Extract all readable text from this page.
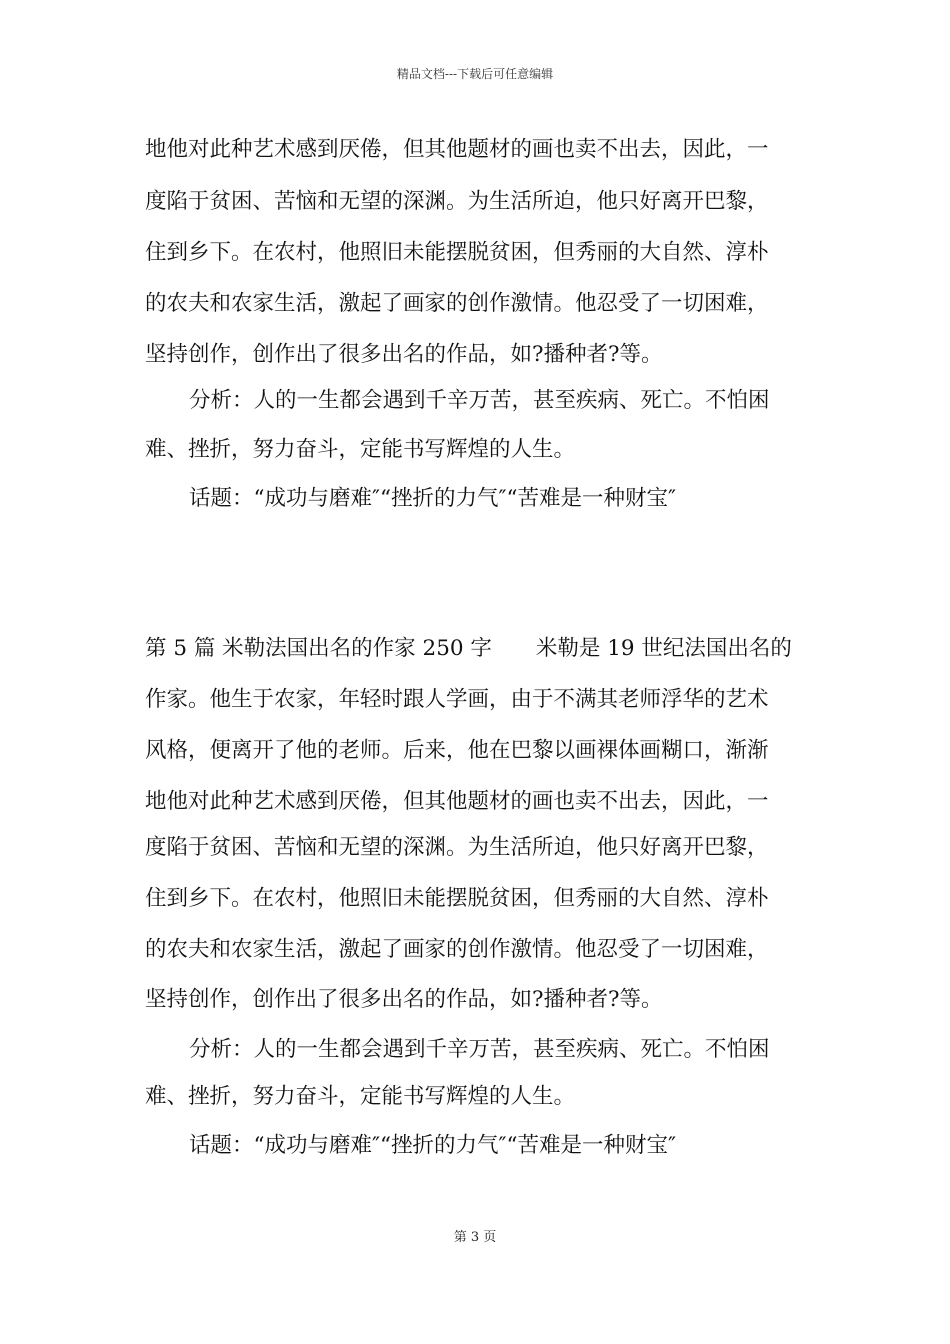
精品文档---下载后可任意编辑
地他对此种艺术感到厌倦，但其他题材的画也卖不出去，因此，一
度陷于贫困、苦恼和无望的深渊。为生活所迫，他只好离开巴黎，
住到乡下。在农村，他照旧未能摆脱贫困，但秀丽的大自然、淳朴
的农夫和农家生活，激起了画家的创作激情。他忍受了一切困难，
坚持创作，创作出了很多出名的作品，如?播种者?等。
分析：人的一生都会遇到千辛万苦，甚至疾病、死亡。不怕困
难、挫折，努力奋斗，定能书写辉煌的人生。
话题：“成功与磨难″“挫折的力气″“苦难是一种财宝″
第 5 篇 米勒法国出名的作家 250 字 米勒是 19 世纪法国出名的
作家。他生于农家，年轻时跟人学画，由于不满其老师浮华的艺术
风格，便离开了他的老师。后来，他在巴黎以画裸体画糊口，渐渐
地他对此种艺术感到厌倦，但其他题材的画也卖不出去，因此，一
度陷于贫困、苦恼和无望的深渊。为生活所迫，他只好离开巴黎，
住到乡下。在农村，他照旧未能摆脱贫困，但秀丽的大自然、淳朴
的农夫和农家生活，激起了画家的创作激情。他忍受了一切困难，
坚持创作，创作出了很多出名的作品，如?播种者?等。
分析：人的一生都会遇到千辛万苦，甚至疾病、死亡。不怕困
难、挫折，努力奋斗，定能书写辉煌的人生。
话题：“成功与磨难″“挫折的力气″“苦难是一种财宝″
第 3 页
